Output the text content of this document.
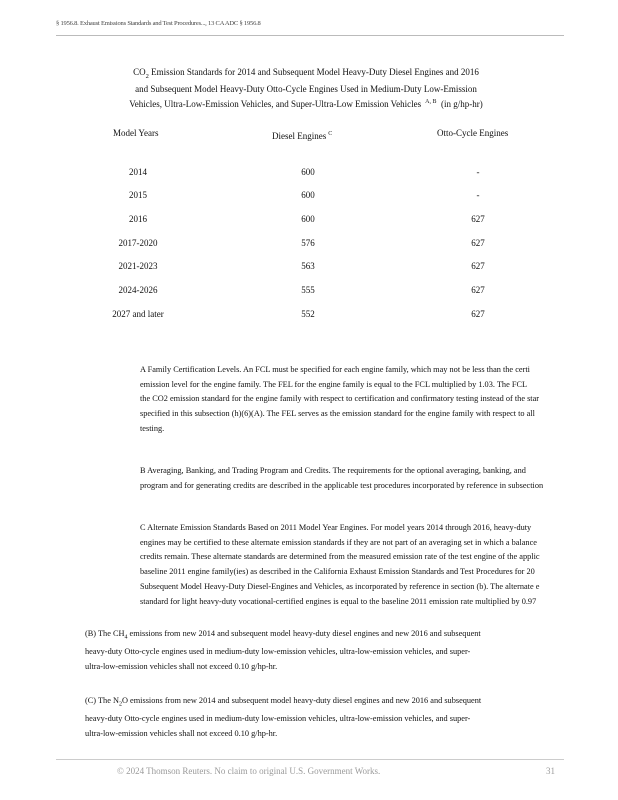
§ 1956.8. Exhaust Emissions Standards and Test Procedures..., 13 CA ADC § 1956.8
$CO_2$ Emission Standards for 2014 and Subsequent Model Heavy-Duty Diesel Engines and 2016
and Subsequent Model Heavy-Duty Otto-Cycle Engines Used in Medium-Duty Low-Emission
Vehicles, Ultra-Low-Emission Vehicles, and Super-Ultra-Low Emission Vehicles $^{A, B}$ (in g/hp-hr)
Model Years	Diesel Engines $^C$	Otto-Cycle Engines
2014	600	-
2015	600	-
2016	600	627
2017-2020	576	627
2021-2023	563	627
2024-2026	555	627
2027 and later	552	627
A Family Certification Levels. An FCL must be specified for each engine family, which may not be less than the certi
emission level for the engine family. The FEL for the engine family is equal to the FCL multiplied by 1.03. The FCL
the CO2 emission standard for the engine family with respect to certification and confirmatory testing instead of the star
specified in this subsection (h)(6)(A). The FEL serves as the emission standard for the engine family with respect to all
testing.
B Averaging, Banking, and Trading Program and Credits. The requirements for the optional averaging, banking, and
program and for generating credits are described in the applicable test procedures incorporated by reference in subsection
C Alternate Emission Standards Based on 2011 Model Year Engines. For model years 2014 through 2016, heavy-duty
engines may be certified to these alternate emission standards if they are not part of an averaging set in which a balance
credits remain. These alternate standards are determined from the measured emission rate of the test engine of the applic
baseline 2011 engine family(ies) as described in the California Exhaust Emission Standards and Test Procedures for 20
Subsequent Model Heavy-Duty Diesel-Engines and Vehicles, as incorporated by reference in section (b). The alternate e
standard for light heavy-duty vocational-certified engines is equal to the baseline 2011 emission rate multiplied by 0.97
(B) The $CH_4$ emissions from new 2014 and subsequent model heavy-duty diesel engines and new 2016 and subsequent
heavy-duty Otto-cycle engines used in medium-duty low-emission vehicles, ultra-low-emission vehicles, and super-
ultra-low-emission vehicles shall not exceed 0.10 g/hp-hr.
(C) The $N_2O$ emissions from new 2014 and subsequent model heavy-duty diesel engines and new 2016 and subsequent
heavy-duty Otto-cycle engines used in medium-duty low-emission vehicles, ultra-low-emission vehicles, and super-
ultra-low-emission vehicles shall not exceed 0.10 g/hp-hr.
© 2024 Thomson Reuters. No claim to original U.S. Government Works.	31
